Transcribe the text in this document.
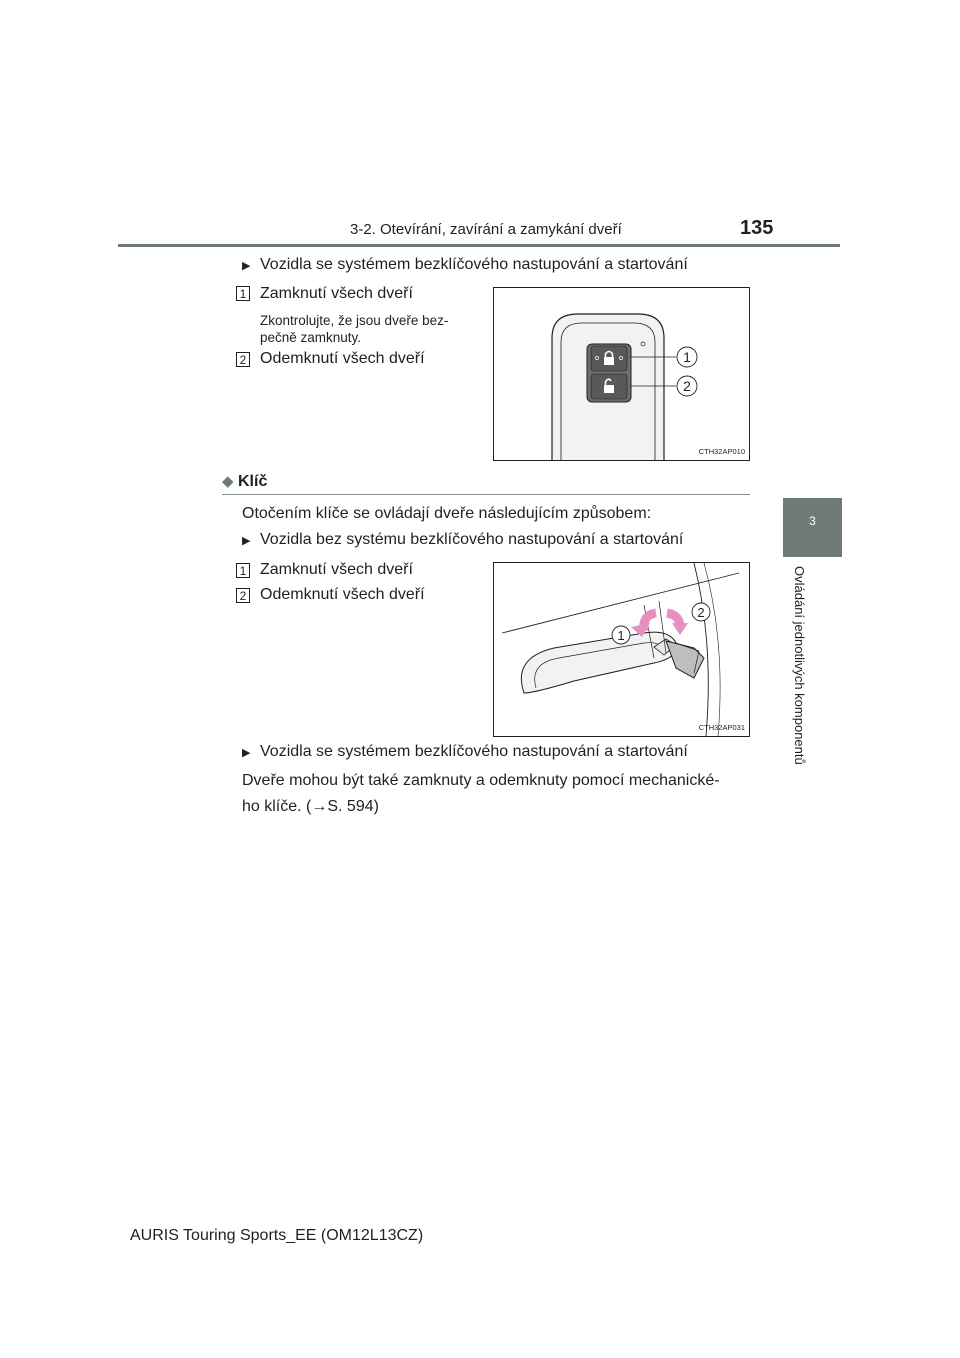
3-2. Otevírání, zavírání a zamykání dveří	135
3
Ovládání jednotlivých komponentů
▶ Vozidla se systémem bezklíčového nastupování a startování
1 Zamknutí všech dveří
Zkontrolujte, že jsou dveře bez-
pečně zamknuty.
2 Odemknutí všech dveří	1
2
CTH32AP010
◆ Klíč
Otočením klíče se ovládají dveře následujícím způsobem:
▶ Vozidla bez systému bezklíčového nastupování a startování
1 Zamknutí všech dveří
2 Odemknutí všech dveří
1
2
CTH32AP031
▶ Vozidla se systémem bezklíčového nastupování a startování
Dveře mohou být také zamknuty a odemknuty pomocí mechanické-
ho klíče. (→S. 594)
AURIS Touring Sports_EE (OM12L13CZ)
